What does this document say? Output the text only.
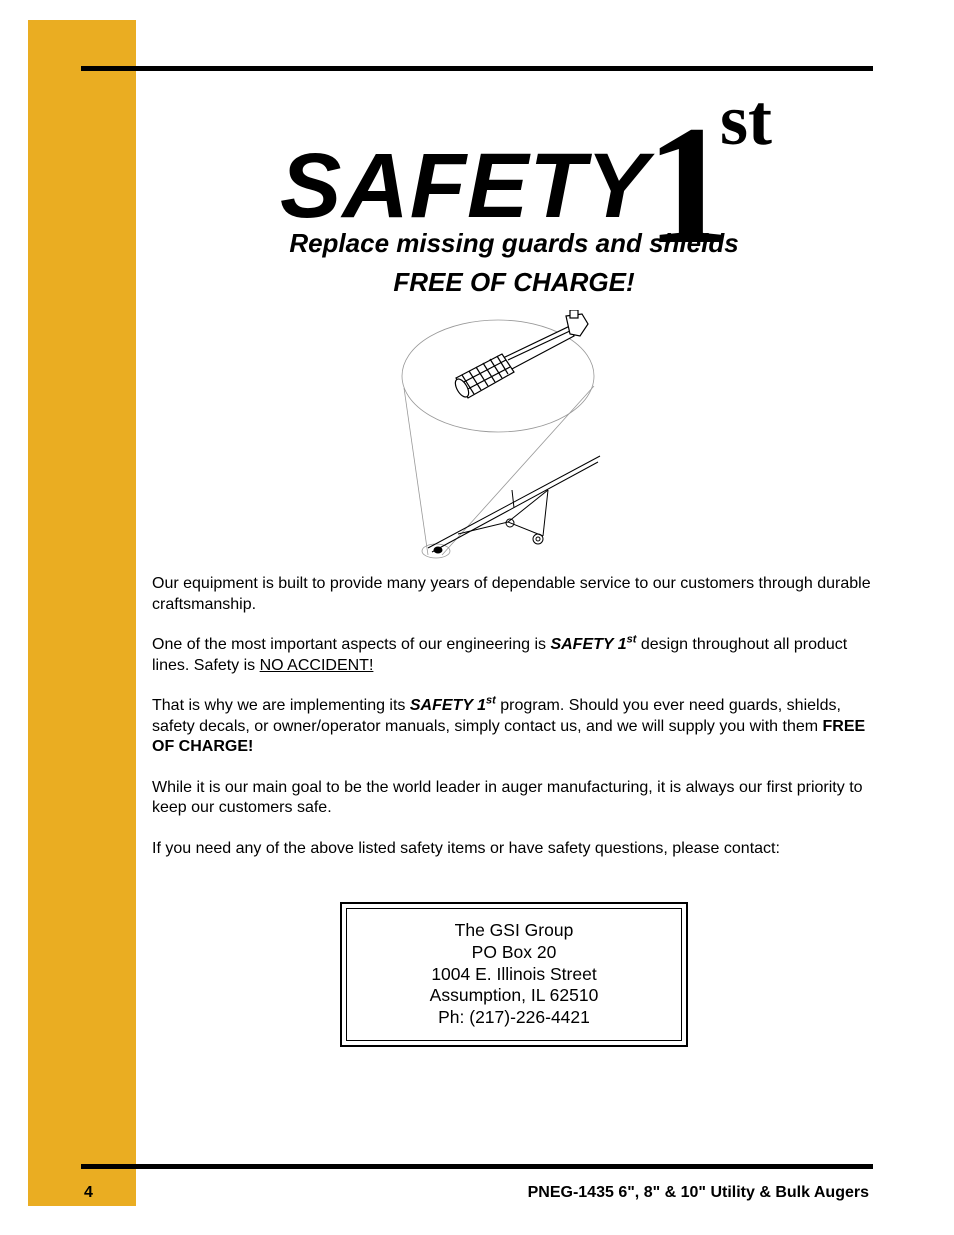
SAFETY
1
st
Replace missing guards and shields
FREE OF CHARGE!

Our equipment is built to provide many years of dependable service to our customers through durable craftsmanship.

One of the most important aspects of our engineering is SAFETY 1st design throughout all product lines. Safety is NO ACCIDENT!

That is why we are implementing its SAFETY 1st program. Should you ever need guards, shields, safety decals, or owner/operator manuals, simply contact us, and we will supply you with them FREE OF CHARGE!

While it is our main goal to be the world leader in auger manufacturing, it is always our first priority to keep our customers safe.

If you need any of the above listed safety items or have safety questions, please contact:

The GSI Group
PO Box 20
1004 E. Illinois Street
Assumption, IL 62510
Ph: (217)-226-4421
4	PNEG-1435 6", 8" & 10" Utility & Bulk Augers
